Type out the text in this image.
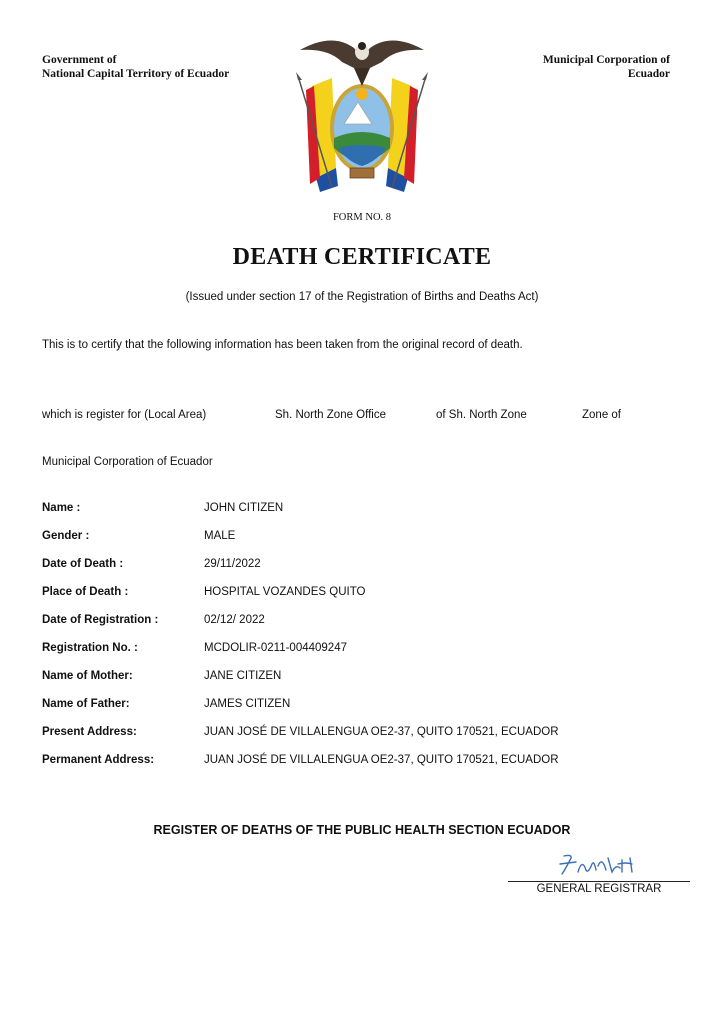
Government of
National Capital Territory of Ecuador
Municipal Corporation of
Ecuador
FORM NO. 8
DEATH CERTIFICATE
(Issued under section 17 of the Registration of Births and Deaths Act)
This is to certify that the following information has been taken from the original record of death.
which is register for (Local Area)	Sh. North Zone Office	of Sh. North Zone	Zone of
Municipal Corporation of Ecuador
Name :	JOHN CITIZEN
Gender :	MALE
Date of Death :	29/11/2022
Place of Death :	HOSPITAL VOZANDES QUITO
Date of Registration :	02/12/ 2022
Registration No. :	MCDOLIR-0211-004409247
Name of Mother:	JANE CITIZEN
Name of Father:	JAMES CITIZEN
Present Address:	JUAN JOSÉ DE VILLALENGUA OE2-37, QUITO 170521, ECUADOR
Permanent Address:	JUAN JOSÉ DE VILLALENGUA OE2-37, QUITO 170521, ECUADOR
REGISTER OF DEATHS OF THE PUBLIC HEALTH SECTION ECUADOR
GENERAL REGISTRAR
